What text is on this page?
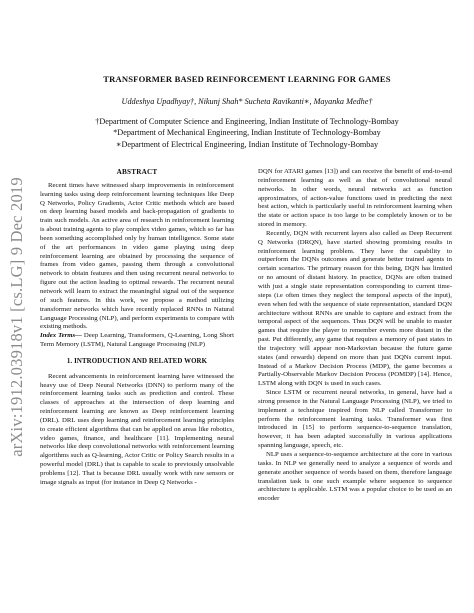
arXiv:1912.03918v1 [cs.LG] 9 Dec 2019
TRANSFORMER BASED REINFORCEMENT LEARNING FOR GAMES
Uddeshya Upadhyay†, Nikunj Shah* Sucheta Ravikanti∗, Mayanka Medhe†
†Department of Computer Science and Engineering, Indian Institute of Technology-Bombay
*Department of Mechanical Engineering, Indian Institute of Technology-Bombay
∗Department of Electrical Engineering, Indian Institute of Technology-Bombay
ABSTRACT

Recent times have witnessed sharp improvements in reinforcement learning tasks using deep reinforcement learning techniques like Deep Q Networks, Policy Gradients, Actor Critic methods which are based on deep learning based models and back-propagation of gradients to train such models. An active area of research in reinforcement learning is about training agents to play complex video games, which so far has been something accomplished only by human intelligence. Some state of the art performances in video game playing using deep reinforcement learning are obtained by processing the sequence of frames from video games, passing them through a convolutional network to obtain features and then using recurrent neural networks to figure out the action leading to optimal rewards. The recurrent neural network will learn to extract the meaningful signal out of the sequence of such features. In this work, we propose a method utilizing transformer networks which have recently replaced RNNs in Natural Language Processing (NLP), and perform experiments to compare with existing methods.

Index Terms— Deep Learning, Transformers, Q-Learning, Long Short Term Memory (LSTM), Natural Language Processing (NLP)

1. INTRODUCTION AND RELATED WORK

Recent advancements in reinforcement learning have witnessed the heavy use of Deep Neural Networks (DNN) to perform many of the reinforcement learning tasks such as prediction and control. These classes of approaches at the intersection of deep learning and reinforcement learning are known as Deep reinforcement learning (DRL). DRL uses deep learning and reinforcement learning principles to create efficient algorithms that can be applied on areas like robotics, video games, finance, and healthcare [11]. Implementing neural networks like deep convolutional networks with reinforcement learning algorithms such as Q-learning, Actor Critic or Policy Search results in a powerful model (DRL) that is capable to scale to previously unsolvable problems [12]. That is because DRL usually work with raw sensors or image signals as input (for instance in Deep Q Networks -

DQN for ATARI games [13]) and can receive the benefit of end-to-end reinforcement learning as well as that of convolutional neural networks. In other words, neural networks act as function approximators, of action-value functions used in predicting the next best action, which is particularly useful in reinforcement learning when the state or action space is too large to be completely known or to be stored in memory.

Recently, DQN with recurrent layers also called as Deep Recurrent Q Networks (DRQN), have started showing promising results in reinforcement learning problem. They have the capability to outperform the DQNs outcomes and generate better trained agents in certain scenarios. The primary reason for this being, DQN has limited or no amount of distant history. In practice, DQNs are often trained with just a single state representation corresponding to current time-steps (i.e often times they neglect the temporal aspects of the input), even when fed with the sequence of state representation, standard DQN architecture without RNNs are unable to capture and extract from the temporal aspect of the sequences. Thus DQN will be unable to master games that require the player to remember events more distant in the past. Put differently, any game that requires a memory of past states in the trajectory will appear non-Markovian because the future game states (and rewards) depend on more than just DQNs current input. Instead of a Markov Decision Process (MDP), the game becomes a Partially-Observable Markov Decision Process (POMDP) [14]. Hence, LSTM along with DQN is used in such cases.

Since LSTM or recurrent neural networks, in general, have had a strong presence in the Natural Language Processing (NLP), we tried to implement a technique inspired from NLP called Transformer to perform the reinforcement learning tasks. Transformer was first introduced in [15] to perform sequence-to-sequence translation, however, it has been adapted successfully in various applications spanning language, speech, etc.

NLP uses a sequence-to-sequence architecture at the core in various tasks. In NLP we generally need to analyze a sequence of words and generate another sequence of words based on them, therefore language translation task is one such example where sequence to sequence architecture is applicable. LSTM was a popular choice to be used as an encoder
